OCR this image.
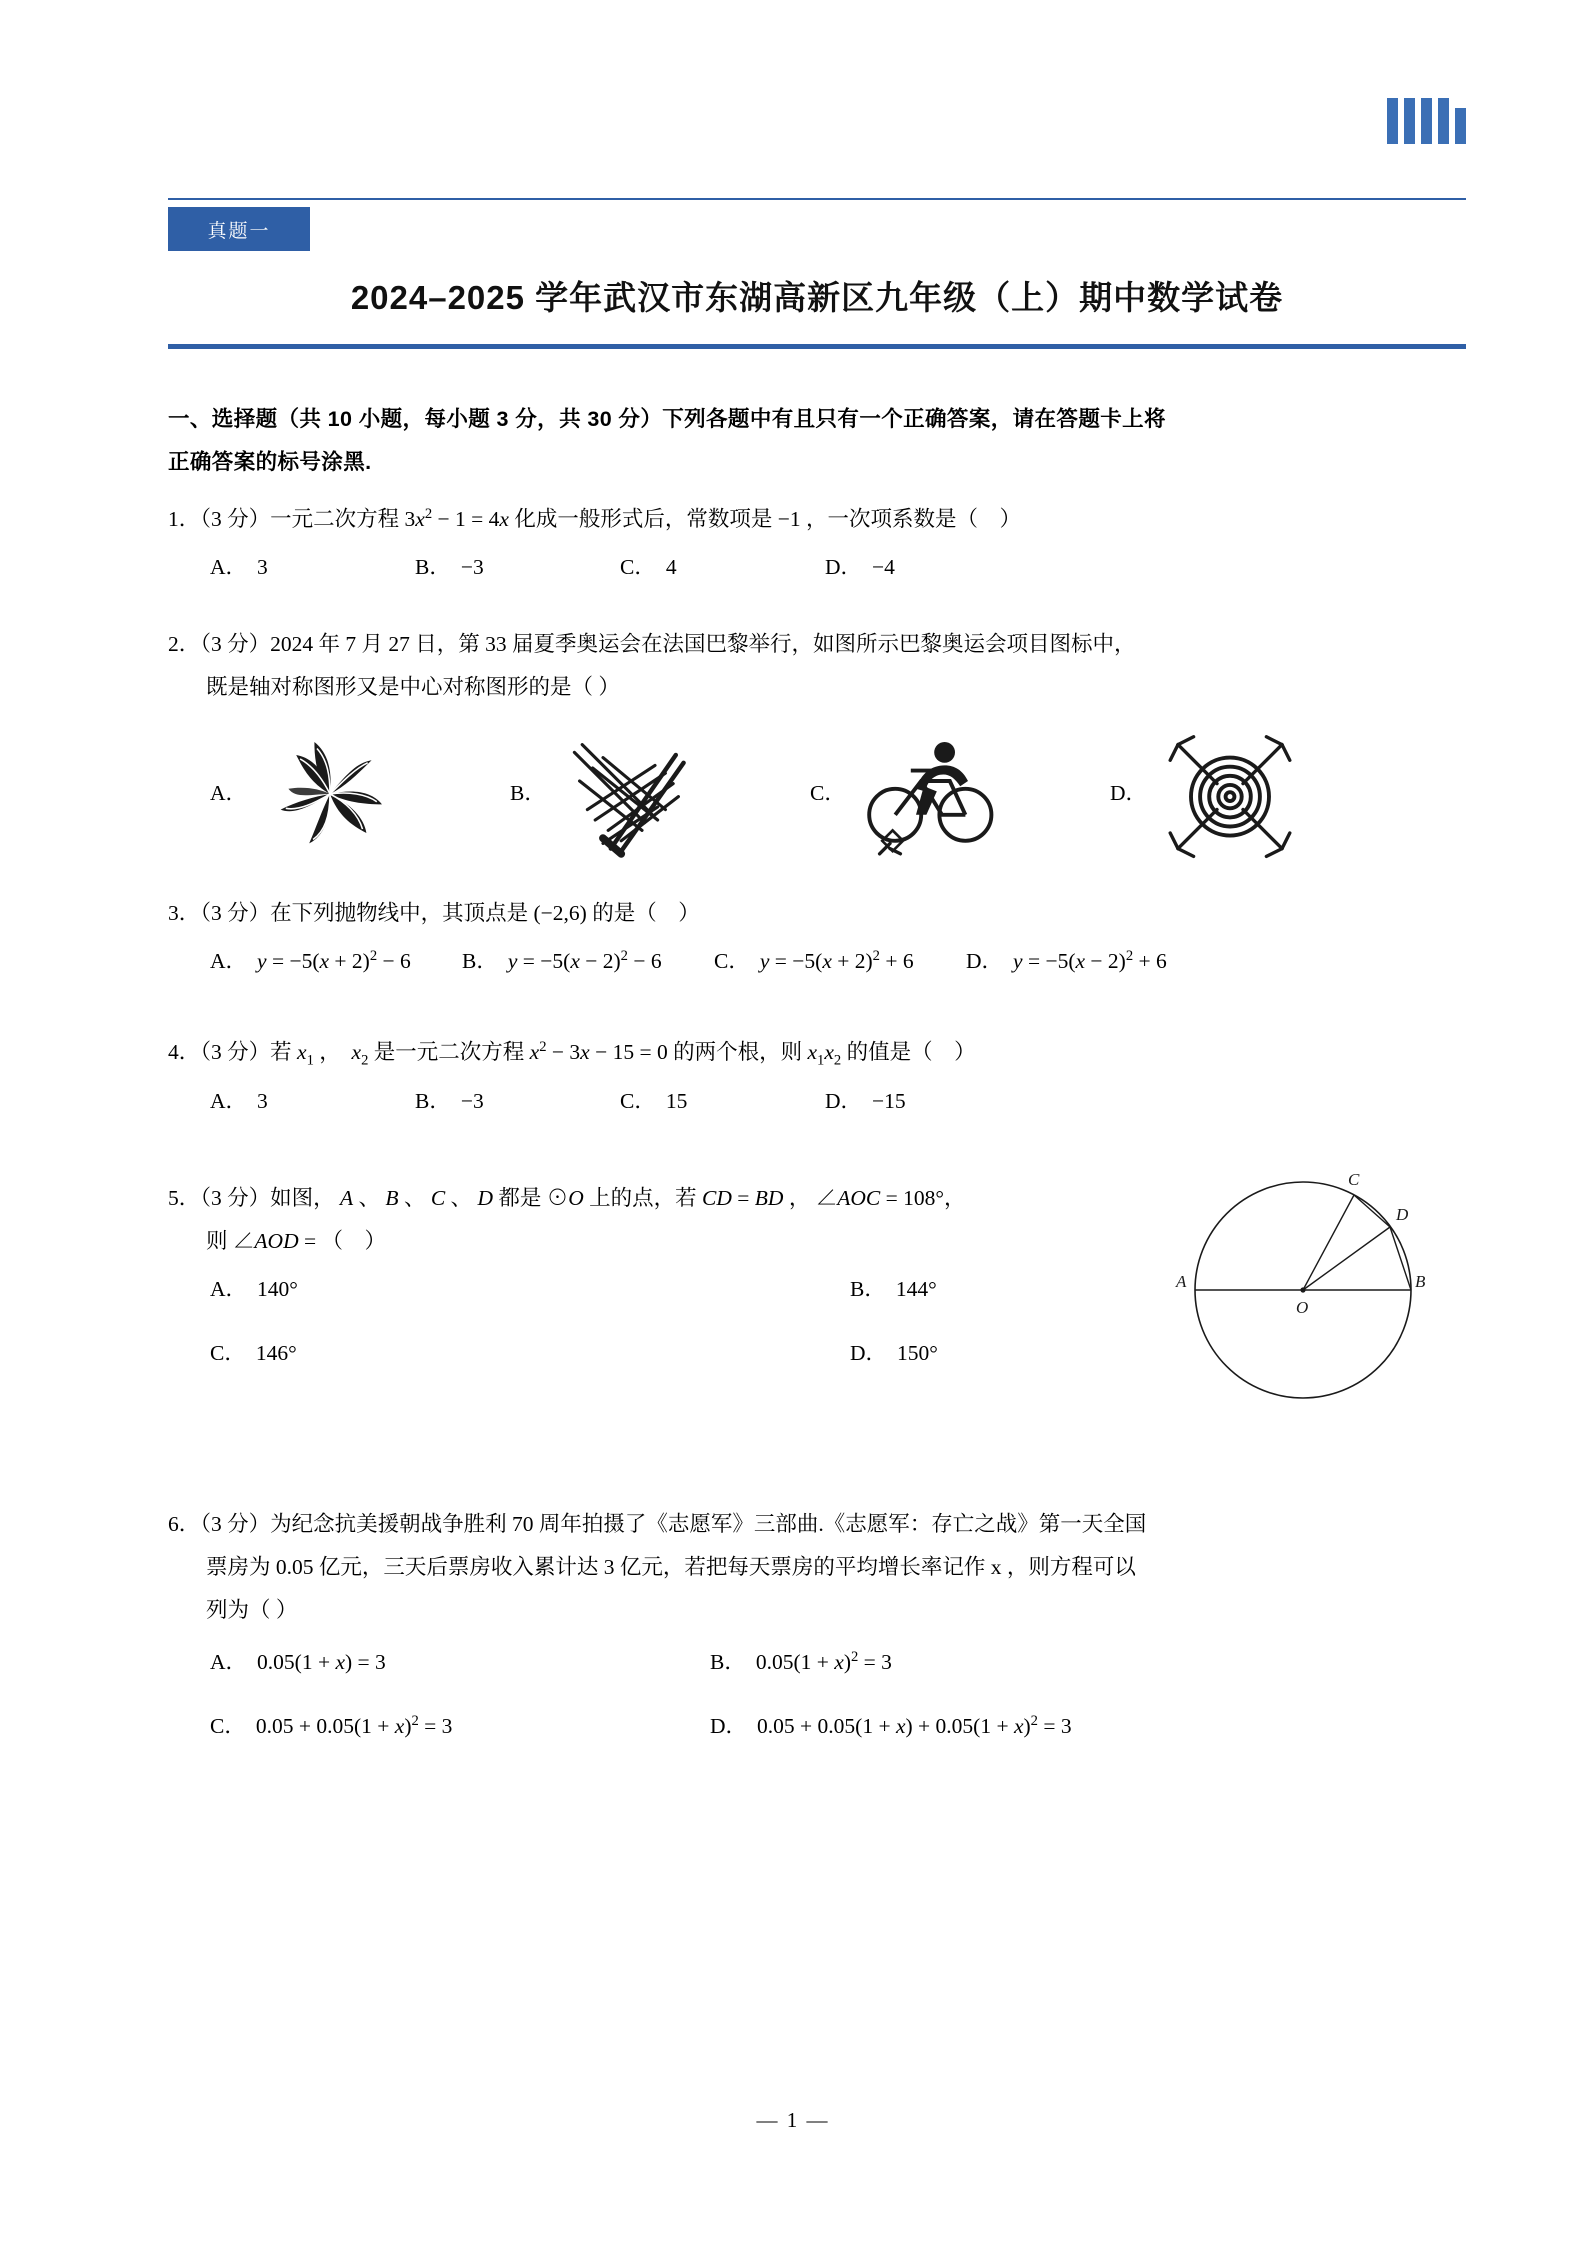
真题一
2024–2025 学年武汉市东湖高新区九年级（上）期中数学试卷
一、选择题（共 10 小题，每小题 3 分，共 30 分）下列各题中有且只有一个正确答案，请在答题卡上将
正确答案的标号涂黑.
1．（3 分）一元二次方程 $3x^2 - 1 = 4x$ 化成一般形式后，常数项是 −1 ，一次项系数是（    ）
A． 3	B． −3	C． 4	D． −4
2．（3 分）2024 年 7 月 27 日，第 33 届夏季奥运会在法国巴黎举行，如图所示巴黎奥运会项目图标中，
既是轴对称图形又是中心对称图形的是（ ）
A．	B．	C．	D．
3．（3 分）在下列抛物线中，其顶点是 (−2,6) 的是（    ）
A． $y = -5(x + 2)^2 - 6$	B． $y = -5(x - 2)^2 - 6$	C． $y = -5(x + 2)^2 + 6$	D． $y = -5(x - 2)^2 + 6$
4．（3 分）若 $x_1$ ，  $x_2$ 是一元二次方程 $x^2 - 3x - 15 = 0$ 的两个根，则 $x_1x_2$ 的值是（    ）
A． 3	B． −3	C． 15	D． −15
5．（3 分）如图， A 、 B 、 C 、 D 都是 ⊙O 上的点，若 CD = BD ， ∠AOC = 108°，
则 ∠AOD = （    ）
A． 140°	B． 144°
C． 146°	D． 150°
C
D
A	B
O
6．（3 分）为纪念抗美援朝战争胜利 70 周年拍摄了《志愿军》三部曲.《志愿军：存亡之战》第一天全国
票房为 0.05 亿元，三天后票房收入累计达 3 亿元，若把每天票房的平均增长率记作 x ，则方程可以
列为（ ）
A． 0.05(1 + x) = 3	B． $0.05(1 + x)^2 = 3$
C． $0.05 + 0.05(1 + x)^2 = 3$	D． $0.05 + 0.05(1 + x) + 0.05(1 + x)^2 = 3$
— 1 —
